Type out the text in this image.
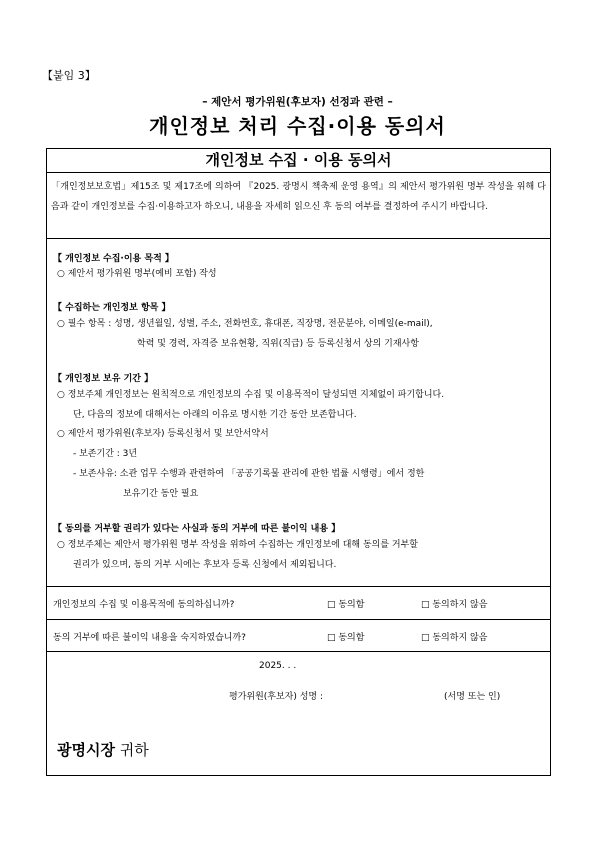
【붙임 3】
– 제안서 평가위원(후보자) 선정과 관련 –
개인정보 처리 수집·이용 동의서
개인정보 수집 · 이용 동의서
「개인정보보호법」제15조 및 제17조에 의하여 『2025. 광명시 책축제 운영 용역』의 제안서 평가위원 명부 작성을 위해 다음과 같이 개인정보를 수집·이용하고자 하오니, 내용을 자세히 읽으신 후 동의 여부를 결정하여 주시기 바랍니다.
【 개인정보 수집·이용 목적 】
○ 제안서 평가위원 명부(예비 포함) 작성
【 수집하는 개인정보 항목 】
○ 필수 항목 : 성명, 생년월일, 성별, 주소, 전화번호, 휴대폰, 직장명, 전문분야, 이메일(e-mail),
학력 및 경력, 자격증 보유현황, 직위(직급) 등 등록신청서 상의 기재사항
【 개인정보 보유 기간 】
○ 정보주체 개인정보는 원칙적으로 개인정보의 수집 및 이용목적이 달성되면 지체없이 파기합니다.
단, 다음의 정보에 대해서는 아래의 이유로 명시한 기간 동안 보존합니다.
○ 제안서 평가위원(후보자) 등록신청서 및 보안서약서
- 보존기간 : 3년
- 보존사유: 소관 업무 수행과 관련하여 「공공기록물 관리에 관한 법률 시행령」에서 정한
보유기간 동안 필요
【 동의를 거부할 권리가 있다는 사실과 동의 거부에 따른 불이익 내용 】
○ 정보주체는 제안서 평가위원 명부 작성을 위하여 수집하는 개인정보에 대해 동의를 거부할
권리가 있으며, 동의 거부 시에는 후보자 등록 신청에서 제외됩니다.
개인정보의 수집 및 이용목적에 동의하십니까?	□ 동의함	□ 동의하지 않음
동의 거부에 따른 불이익 내용을 숙지하였습니까?	□ 동의함	□ 동의하지 않음
2025. . .
평가위원(후보자) 성명 :	(서명 또는 인)
광명시장 귀하
